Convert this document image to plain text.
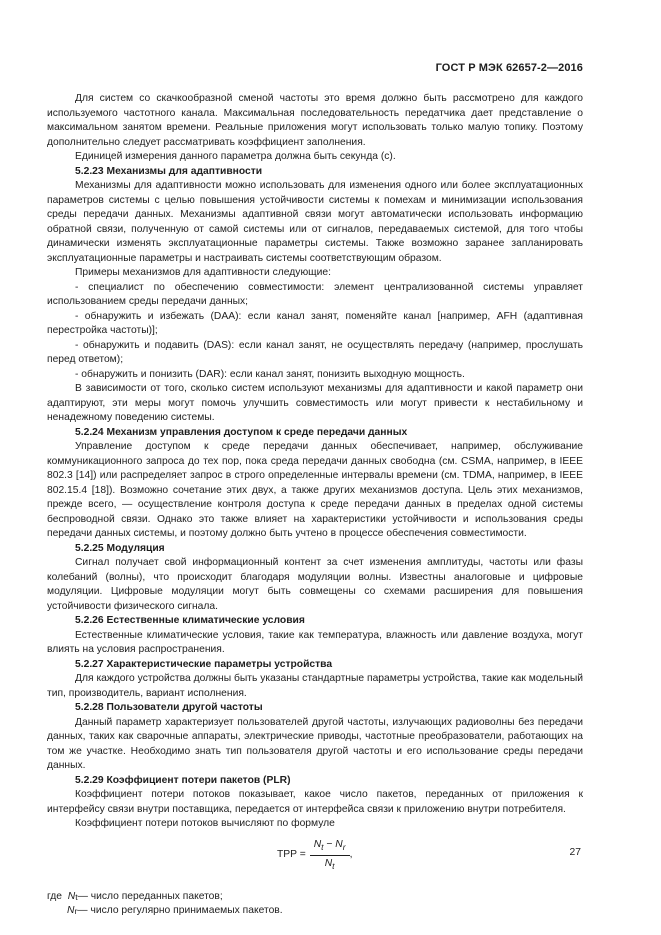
ГОСТ Р МЭК 62657-2—2016

Для систем со скачкообразной сменой частоты это время должно быть рассмотрено для каждого используемого частотного канала. Максимальная последовательность передатчика дает представление о максимальном занятом времени. Реальные приложения могут использовать только малую топику. Поэтому дополнительно следует рассматривать коэффициент заполнения.

Единицей измерения данного параметра должна быть секунда (с).

5.2.23 Механизмы для адаптивности

Механизмы для адаптивности можно использовать для изменения одного или более эксплуатационных параметров системы с целью повышения устойчивости системы к помехам и минимизации использования среды передачи данных. Механизмы адаптивной связи могут автоматически использовать информацию обратной связи, полученную от самой системы или от сигналов, передаваемых системой, для того чтобы динамически изменять эксплуатационные параметры системы. Также возможно заранее запланировать эксплуатационные параметры и настраивать системы соответствующим образом.

Примеры механизмов для адаптивности следующие:

- специалист по обеспечению совместимости: элемент централизованной системы управляет использованием среды передачи данных;

- обнаружить и избежать (DAA): если канал занят, поменяйте канал [например, AFH (адаптивная перестройка частоты)];

- обнаружить и подавить (DAS): если канал занят, не осуществлять передачу (например, прослушать перед ответом);

- обнаружить и понизить (DAR): если канал занят, понизить выходную мощность.

В зависимости от того, сколько систем используют механизмы для адаптивности и какой параметр они адаптируют, эти меры могут помочь улучшить совместимость или могут привести к нестабильному и ненадежному поведению системы.

5.2.24 Механизм управления доступом к среде передачи данных

Управление доступом к среде передачи данных обеспечивает, например, обслуживание коммуникационного запроса до тех пор, пока среда передачи данных свободна (см. CSMA, например, в IEEE 802.3 [14]) или распределяет запрос в строго определенные интервалы времени (см. TDMA, например, в IEEE 802.15.4 [18]). Возможно сочетание этих двух, а также других механизмов доступа. Цель этих механизмов, прежде всего, — осуществление контроля доступа к среде передачи данных в пределах одной системы беспроводной связи. Однако это также влияет на характеристики устойчивости и использования среды передачи данных системы, и поэтому должно быть учтено в процессе обеспечения совместимости.

5.2.25 Модуляция

Сигнал получает свой информационный контент за счет изменения амплитуды, частоты или фазы колебаний (волны), что происходит благодаря модуляции волны. Известны аналоговые и цифровые модуляции. Цифровые модуляции могут быть совмещены со схемами расширения для повышения устойчивости физического сигнала.

5.2.26 Естественные климатические условия

Естественные климатические условия, такие как температура, влажность или давление воздуха, могут влиять на условия распространения.

5.2.27 Характеристические параметры устройства

Для каждого устройства должны быть указаны стандартные параметры устройства, такие как модельный тип, производитель, вариант исполнения.

5.2.28 Пользователи другой частоты

Данный параметр характеризует пользователей другой частоты, излучающих радиоволны без передачи данных, таких как сварочные аппараты, электрические приводы, частотные преобразователи, работающих на том же участке. Необходимо знать тип пользователя другой частоты и его использование среды передачи данных.

5.2.29 Коэффициент потери пакетов (PLR)

Коэффициент потери потоков показывает, какое число пакетов, переданных от приложения к интерфейсу связи внутри поставщика, передается от интерфейса связи к приложению внутри потребителя.

Коэффициент потери потоков вычисляют по формуле

TPP = $\frac{N_t - N_r}{N_t}$ ,
где
N t — число переданных пакетов;
N r — число регулярно принимаемых пакетов.
27
